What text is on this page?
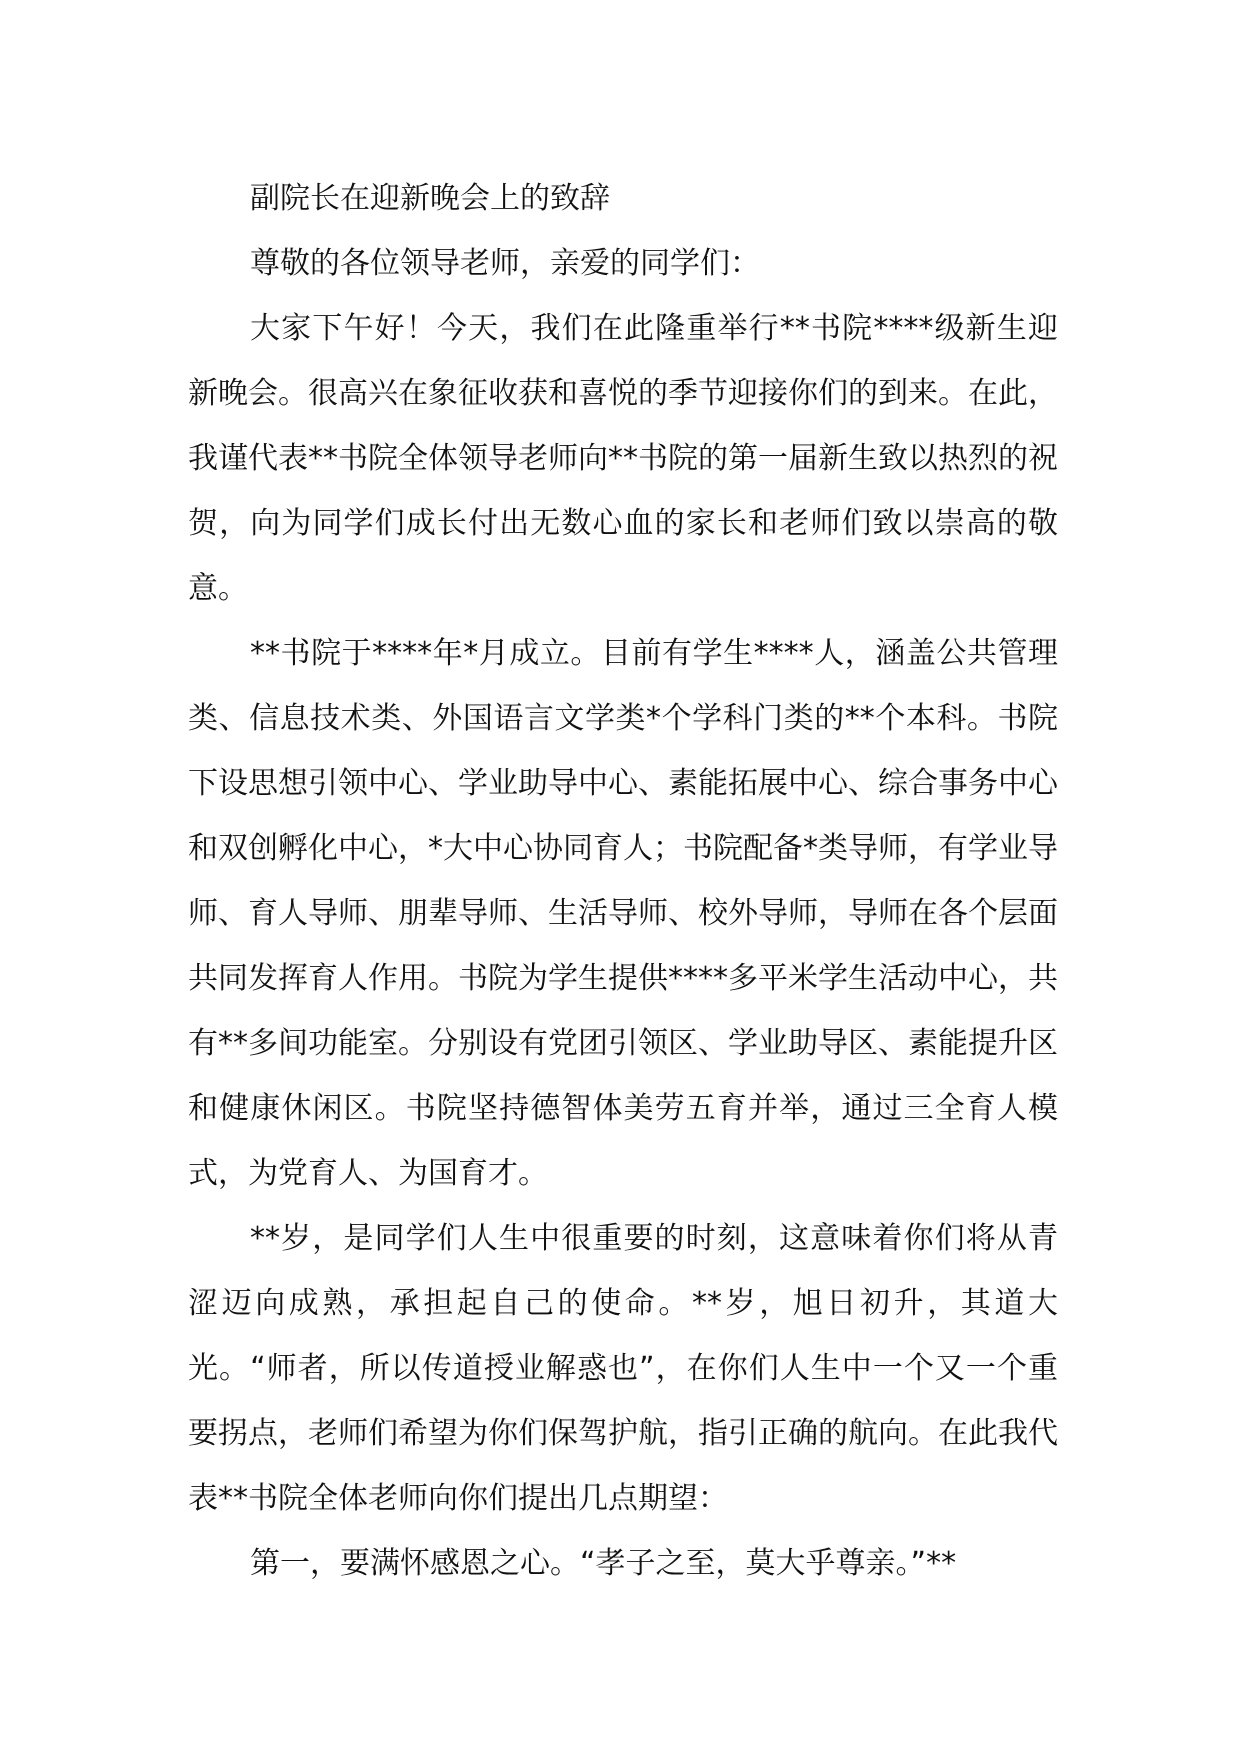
副院长在迎新晚会上的致辞

尊敬的各位领导老师，亲爱的同学们：

大家下午好！今天，我们在此隆重举行**书院****级新生迎新晚会。很高兴在象征收获和喜悦的季节迎接你们的到来。在此，我谨代表**书院全体领导老师向**书院的第一届新生致以热烈的祝贺，向为同学们成长付出无数心血的家长和老师们致以崇高的敬意。

**书院于****年*月成立。目前有学生****人，涵盖公共管理类、信息技术类、外国语言文学类*个学科门类的**个本科。书院下设思想引领中心、学业助导中心、素能拓展中心、综合事务中心和双创孵化中心，*大中心协同育人；书院配备*类导师，有学业导师、育人导师、朋辈导师、生活导师、校外导师，导师在各个层面共同发挥育人作用。书院为学生提供****多平米学生活动中心，共有**多间功能室。分别设有党团引领区、学业助导区、素能提升区和健康休闲区。书院坚持德智体美劳五育并举，通过三全育人模式，为党育人、为国育才。

**岁，是同学们人生中很重要的时刻，这意味着你们将从青涩迈向成熟，承担起自己的使命。**岁，旭日初升，其道大光。“师者，所以传道授业解惑也”，在你们人生中一个又一个重要拐点，老师们希望为你们保驾护航，指引正确的航向。在此我代表**书院全体老师向你们提出几点期望：

第一，要满怀感恩之心。“孝子之至，莫大乎尊亲。”**
